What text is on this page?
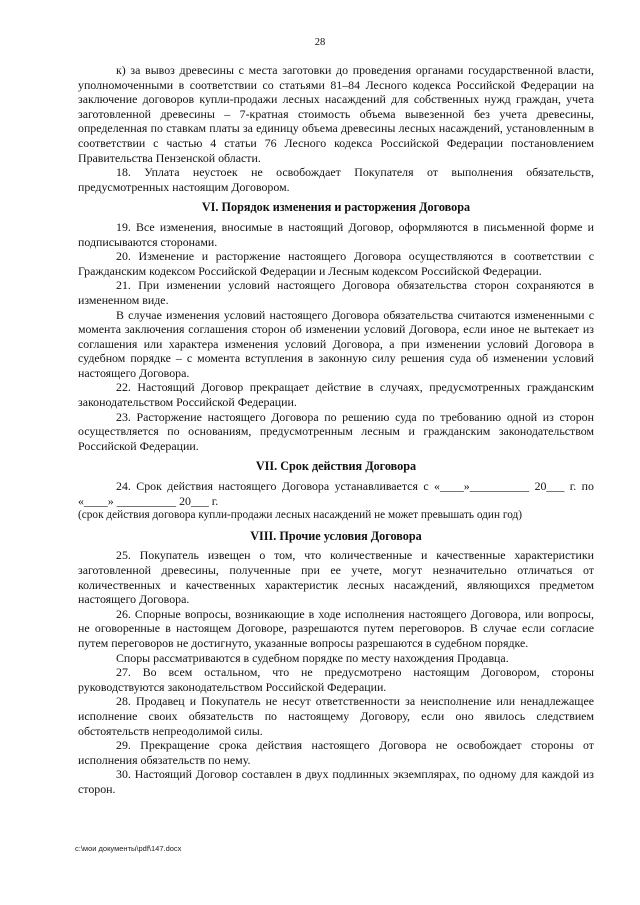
28

к) за вывоз древесины с места заготовки до проведения органами государственной власти, уполномоченными в соответствии со статьями 81–84 Лесного кодекса Российской Федерации на заключение договоров купли-продажи лесных насаждений для собственных нужд граждан, учета заготовленной древесины – 7-кратная стоимость объема вывезенной без учета древесины, определенная по ставкам платы за единицу объема древесины лесных насаждений, установленным в соответствии с частью 4 статьи 76 Лесного кодекса Российской Федерации постановлением Правительства Пензенской области.

18. Уплата неустоек не освобождает Покупателя от выполнения обязательств, предусмотренных настоящим Договором.

VI. Порядок изменения и расторжения Договора

19. Все изменения, вносимые в настоящий Договор, оформляются в письменной форме и подписываются сторонами.

20. Изменение и расторжение настоящего Договора осуществляются в соответствии с Гражданским кодексом Российской Федерации и Лесным кодексом Российской Федерации.

21. При изменении условий настоящего Договора обязательства сторон сохраняются в измененном виде.

В случае изменения условий настоящего Договора обязательства считаются измененными с момента заключения соглашения сторон об изменении условий Договора, если иное не вытекает из соглашения или характера изменения условий Договора, а при изменении условий Договора в судебном порядке – с момента вступления в законную силу решения суда об изменении условий настоящего Договора.

22. Настоящий Договор прекращает действие в случаях, предусмотренных гражданским законодательством Российской Федерации.

23. Расторжение настоящего Договора по решению суда по требованию одной из сторон осуществляется по основаниям, предусмотренным лесным и гражданским законодательством Российской Федерации.

VII. Срок действия Договора

24. Срок действия настоящего Договора устанавливается с «____»__________ 20___ г. по «____» __________ 20___ г.

(срок действия договора купли-продажи лесных насаждений не может превышать один год)

VIII. Прочие условия Договора

25. Покупатель извещен о том, что количественные и качественные характеристики заготовленной древесины, полученные при ее учете, могут незначительно отличаться от количественных и качественных характеристик лесных насаждений, являющихся предметом настоящего Договора.

26. Спорные вопросы, возникающие в ходе исполнения настоящего Договора, или вопросы, не оговоренные в настоящем Договоре, разрешаются путем переговоров. В случае если согласие путем переговоров не достигнуто, указанные вопросы разрешаются в судебном порядке.

Споры рассматриваются в судебном порядке по месту нахождения Продавца.

27. Во всем остальном, что не предусмотрено настоящим Договором, стороны руководствуются законодательством Российской Федерации.

28. Продавец и Покупатель не несут ответственности за неисполнение или ненадлежащее исполнение своих обязательств по настоящему Договору, если оно явилось следствием обстоятельств непреодолимой силы.

29. Прекращение срока действия настоящего Договора не освобождает стороны от исполнения обязательств по нему.

30. Настоящий Договор составлен в двух подлинных экземплярах, по одному для каждой из сторон.

c:\мои документы\pdf\147.docx
